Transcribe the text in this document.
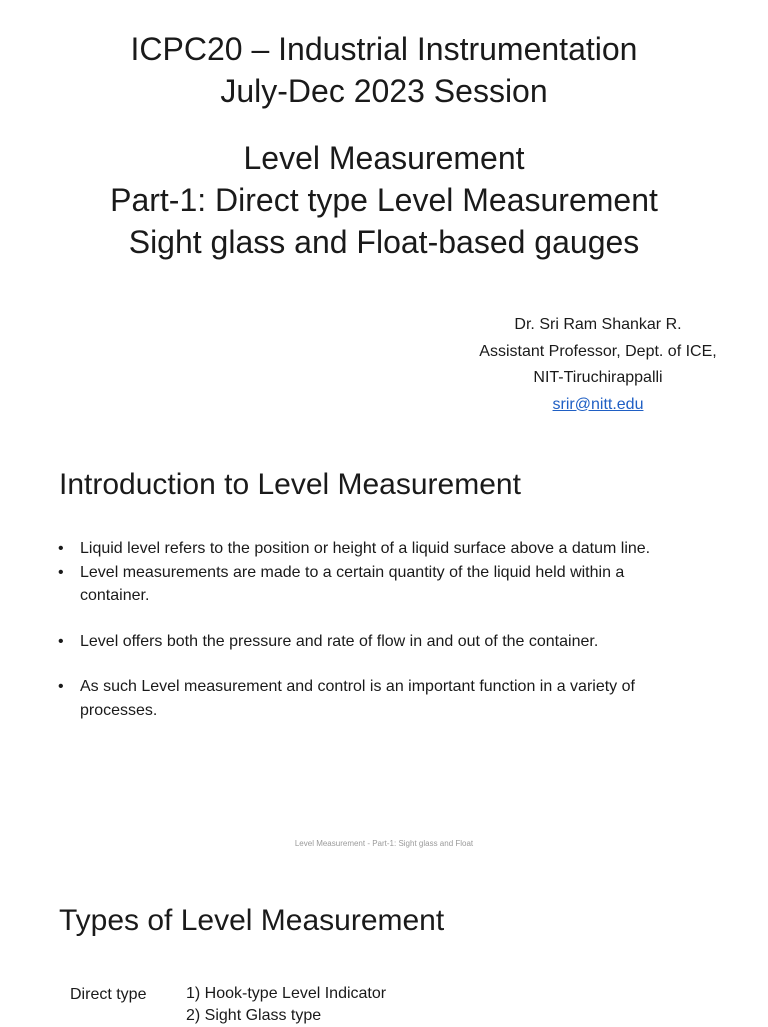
ICPC20 – Industrial Instrumentation
July-Dec 2023 Session
Level Measurement
Part-1: Direct type Level Measurement
Sight glass and Float-based gauges
Dr. Sri Ram Shankar R.
Assistant Professor, Dept. of ICE,
NIT-Tiruchirappalli
srir@nitt.edu
Introduction to Level Measurement
• Liquid level refers to the position or height of a liquid surface above a datum line.
• Level measurements are made to a certain quantity of the liquid held within a container.
• Level offers both the pressure and rate of flow in and out of the container.
• As such Level measurement and control is an important function in a variety of processes.
Level Measurement - Part-1: Sight glass and Float
Types of Level Measurement
Direct type 1) Hook-type Level Indicator
2) Sight Glass type
